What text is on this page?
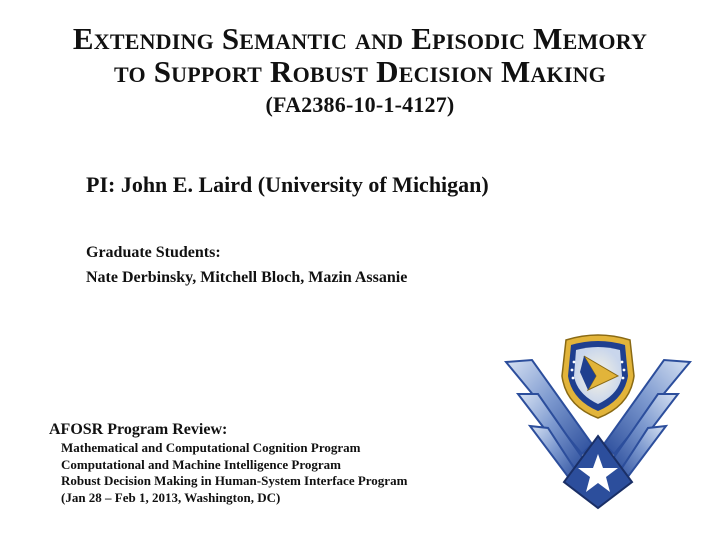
Extending Semantic and Episodic Memory
to Support Robust Decision Making
(FA2386-10-1-4127)
PI: John E. Laird (University of Michigan)
Graduate Students:
Nate Derbinsky, Mitchell Bloch, Mazin Assanie
AFOSR Program Review:
Mathematical and Computational Cognition Program
Computational and Machine Intelligence Program
Robust Decision Making in Human-System Interface Program
(Jan 28 – Feb 1, 2013, Washington, DC)
